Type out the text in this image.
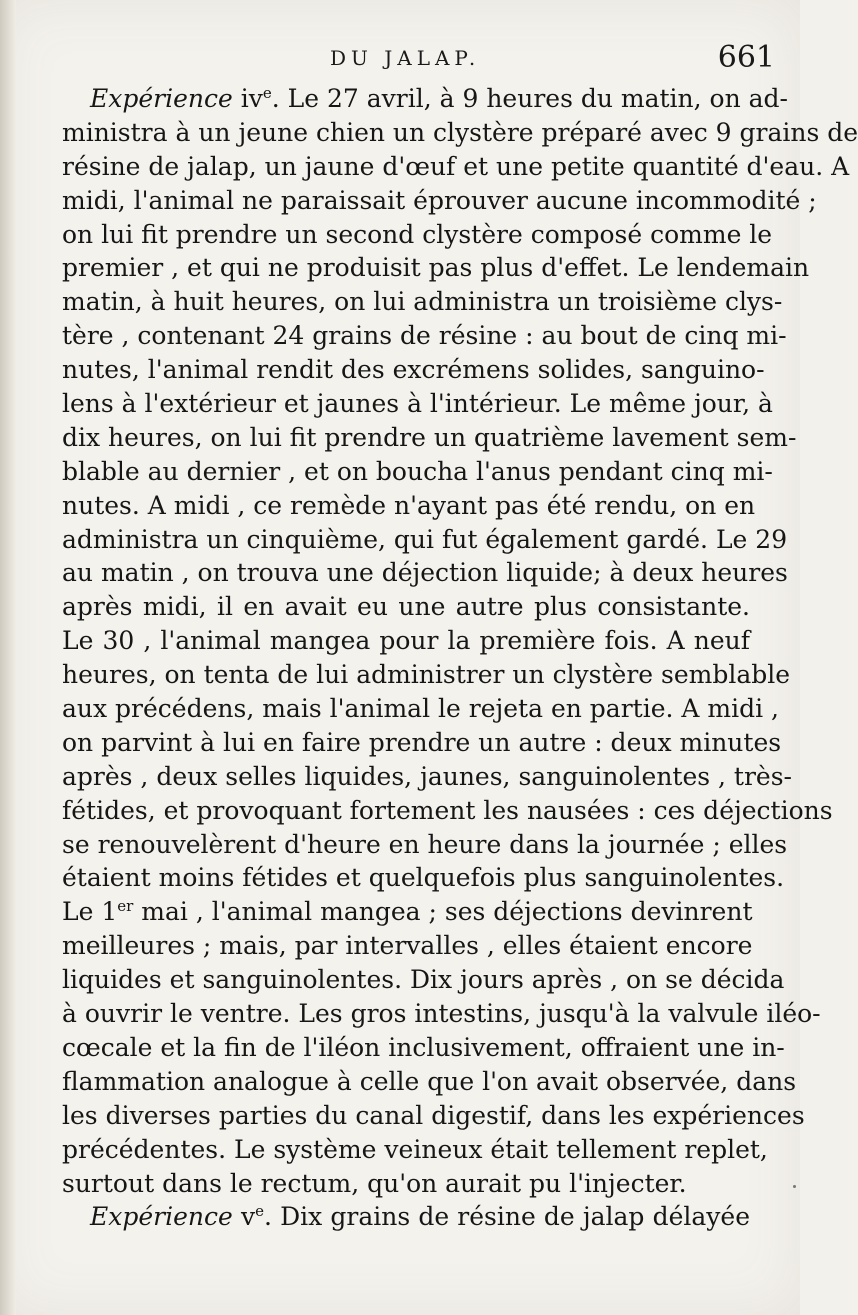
DU JALAP.	661
Expérience $iv^e$. Le 27 avril, à 9 heures du matin, on ad-
ministra à un jeune chien un clystère préparé avec 9 grains de
résine de jalap, un jaune d'œuf et une petite quantité d'eau. A
midi, l'animal ne paraissait éprouver aucune incommodité ;
on lui fit prendre un second clystère composé comme le
premier , et qui ne produisit pas plus d'effet. Le lendemain
matin, à huit heures, on lui administra un troisième clys-
tère , contenant 24 grains de résine : au bout de cinq mi-
nutes, l'animal rendit des excrémens solides, sanguino-
lens à l'extérieur et jaunes à l'intérieur. Le même jour, à
dix heures, on lui fit prendre un quatrième lavement sem-
blable au dernier , et on boucha l'anus pendant cinq mi-
nutes. A midi , ce remède n'ayant pas été rendu, on en
administra un cinquième, qui fut également gardé. Le 29
au matin , on trouva une déjection liquide; à deux heures
après midi, il en avait eu une autre plus consistante.
Le 30 , l'animal mangea pour la première fois. A neuf
heures, on tenta de lui administrer un clystère semblable
aux précédens, mais l'animal le rejeta en partie. A midi ,
on parvint à lui en faire prendre un autre : deux minutes
après , deux selles liquides, jaunes, sanguinolentes , très-
fétides, et provoquant fortement les nausées : ces déjections
se renouvelèrent d'heure en heure dans la journée ; elles
étaient moins fétides et quelquefois plus sanguinolentes.
Le 1er mai , l'animal mangea ; ses déjections devinrent
meilleures ; mais, par intervalles , elles étaient encore
liquides et sanguinolentes. Dix jours après , on se décida
à ouvrir le ventre. Les gros intestins, jusqu'à la valvule iléo-
cœcale et la fin de l'iléon inclusivement, offraient une in-
flammation analogue à celle que l'on avait observée, dans
les diverses parties du canal digestif, dans les expériences
précédentes. Le système veineux était tellement replet,
surtout dans le rectum, qu'on aurait pu l'injecter.
Expérience $v^e$. Dix grains de résine de jalap délayée
